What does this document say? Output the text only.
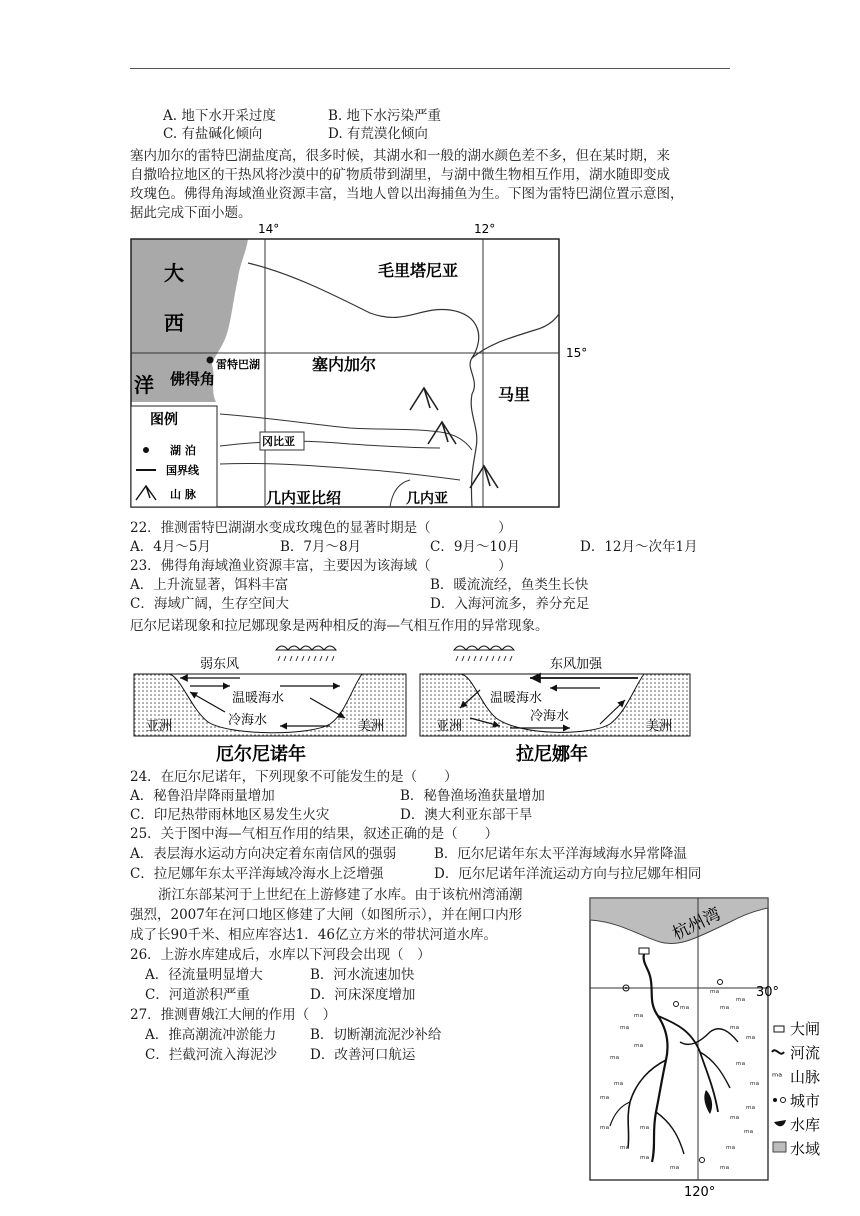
A. 地下水开采过度	B. 地下水污染严重
C. 有盐碱化倾向	D. 有荒漠化倾向
塞内加尔的雷特巴湖盐度高，很多时候，其湖水和一般的湖水颜色差不多，但在某时期，来
自撒哈拉地区的干热风将沙漠中的矿物质带到湖里，与湖中微生物相互作用，湖水随即变成
玫瑰色。佛得角海域渔业资源丰富，当地人曾以出海捕鱼为生。下图为雷特巴湖位置示意图，
据此完成下面小题。
14°	12°
15°
大
西
洋
毛里塔尼亚
塞内加尔
雷特巴湖
佛得角
马里
冈比亚
几内亚比绍	几内亚
图例
湖 泊
国界线
山 脉
22．推测雷特巴湖湖水变成玫瑰色的显著时期是（　　　　　）
A．4月～5月	B．7月～8月	C．9月～10月	D．12月～次年1月
23．佛得角海域渔业资源丰富，主要因为该海域（　　　　　）
A．上升流显著，饵料丰富	B．暖流流经，鱼类生长快
C．海域广阔，生存空间大	D．入海河流多，养分充足
厄尔尼诺现象和拉尼娜现象是两种相反的海—气相互作用的异常现象。
弱东风
温暖海水
冷海水
亚洲	美洲
厄尔尼诺年
东风加强
温暖海水
冷海水
亚洲	美洲
拉尼娜年
24．在厄尔尼诺年，下列现象不可能发生的是（　　）
A．秘鲁沿岸降雨量增加	B．秘鲁渔场渔获量增加
C．印尼热带雨林地区易发生火灾	D．澳大利亚东部干旱
25．关于图中海—气相互作用的结果，叙述正确的是（　　）
A．表层海水运动方向决定着东南信风的强弱	B．厄尔尼诺年东太平洋海域海水异常降温
C．拉尼娜年东太平洋海域冷海水上泛增强	D．厄尔尼诺年洋流运动方向与拉尼娜年相同
浙江东部某河于上世纪在上游修建了水库。由于该杭州湾涌潮
强烈，2007年在河口地区修建了大闸（如图所示），并在闸口内形
成了长90千米、相应库容达1．46亿立方米的带状河道水库。
26．上游水库建成后，水库以下河段会出现（　）
A．径流量明显增大	B．河水流速加快
C．河道淤积严重	D．河床深度增加
27．推测曹娥江大闸的作用（　）
A．推高潮流冲淤能力	B．切断潮流泥沙补给
C．拦截河流入海泥沙 D．改善河口航运
杭州湾
30°
120°
ᵐᵃ
ᵐᵃ
ᵐᵃ
ᵐᵃ
ᵐᵃ
ᵐᵃ
ᵐᵃ	ᵐᵃ
ᵐᵃ
ᵐᵃ
ᵐᵃ
ᵐᵃ
ᵐᵃ
ᵐᵃ
ᵐᵃ
ᵐᵃ
ᵐᵃ
ᵐᵃ
ᵐᵃ
ᵐᵃ
ᵐᵃ
ᵐᵃ
ᵐᵃ
ᵐᵃ
大闸
河流
ᵐᵃ 山脉
城市
水库
水域
